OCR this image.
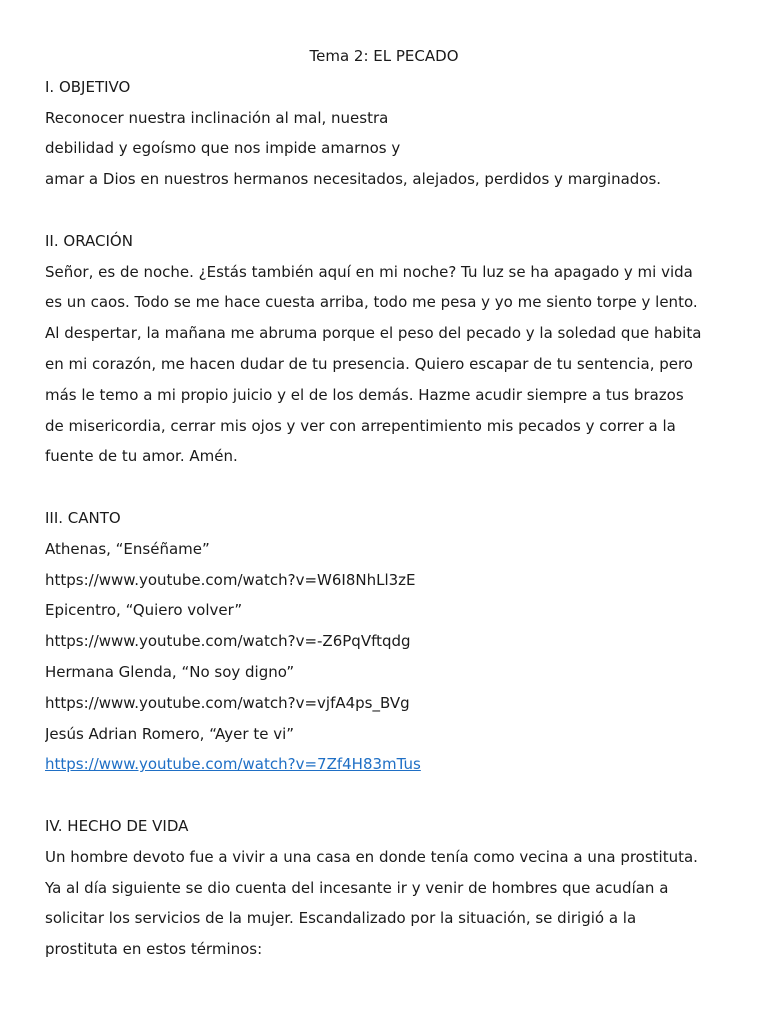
Tema 2: EL PECADO
I. OBJETIVO
Reconocer nuestra inclinación al mal, nuestra
debilidad y egoísmo que nos impide amarnos y
amar a Dios en nuestros hermanos necesitados, alejados, perdidos y marginados.
II. ORACIÓN
Señor, es de noche. ¿Estás también aquí en mi noche? Tu luz se ha apagado y mi vida
es un caos. Todo se me hace cuesta arriba, todo me pesa y yo me siento torpe y lento.
Al despertar, la mañana me abruma porque el peso del pecado y la soledad que habita
en mi corazón, me hacen dudar de tu presencia. Quiero escapar de tu sentencia, pero
más le temo a mi propio juicio y el de los demás. Hazme acudir siempre a tus brazos
de misericordia, cerrar mis ojos y ver con arrepentimiento mis pecados y correr a la
fuente de tu amor. Amén.
III. CANTO
Athenas, “Enséñame”
https://www.youtube.com/watch?v=W6I8NhLl3zE
Epicentro, “Quiero volver”
https://www.youtube.com/watch?v=-Z6PqVftqdg
Hermana Glenda, “No soy digno”
https://www.youtube.com/watch?v=vjfA4ps_BVg
Jesús Adrian Romero, “Ayer te vi”
https://www.youtube.com/watch?v=7Zf4H83mTus
IV. HECHO DE VIDA
Un hombre devoto fue a vivir a una casa en donde tenía como vecina a una prostituta.
Ya al día siguiente se dio cuenta del incesante ir y venir de hombres que acudían a
solicitar los servicios de la mujer. Escandalizado por la situación, se dirigió a la
prostituta en estos términos:
